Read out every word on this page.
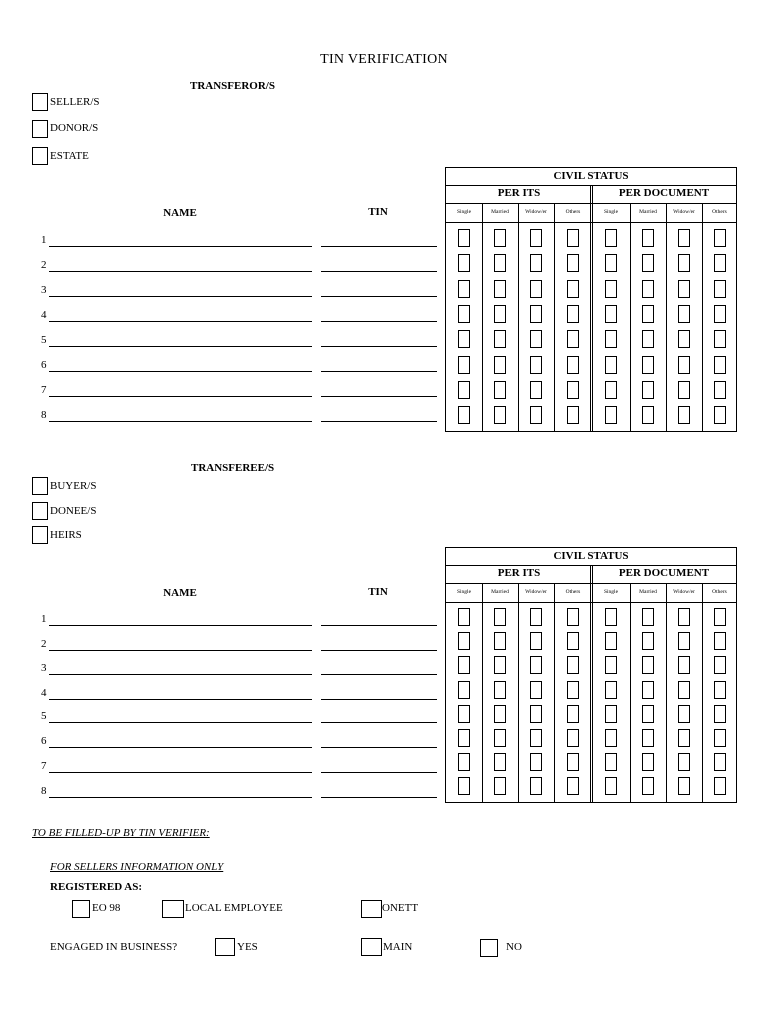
TIN VERIFICATION
TRANSFEROR/S
SELLER/S
DONOR/S
ESTATE
NAME	TIN
1
2
3
4
5
6
7
8
CIVIL STATUS
PER ITS	PER DOCUMENT
Single	Married	Widow/er	Others	Single	Married	Widow/er	Others
TRANSFEREE/S
BUYER/S
DONEE/S
HEIRS
NAME	TIN
1
2
3
4
5
6
7
8
CIVIL STATUS
PER ITS	PER DOCUMENT
Single	Married	Widow/er	Others	Single	Married	Widow/er	Others
TO BE FILLED-UP BY TIN VERIFIER:
FOR SELLERS INFORMATION ONLY
REGISTERED AS:
EO 98	LOCAL EMPLOYEE	ONETT
ENGAGED IN BUSINESS?	YES	MAIN	NO
